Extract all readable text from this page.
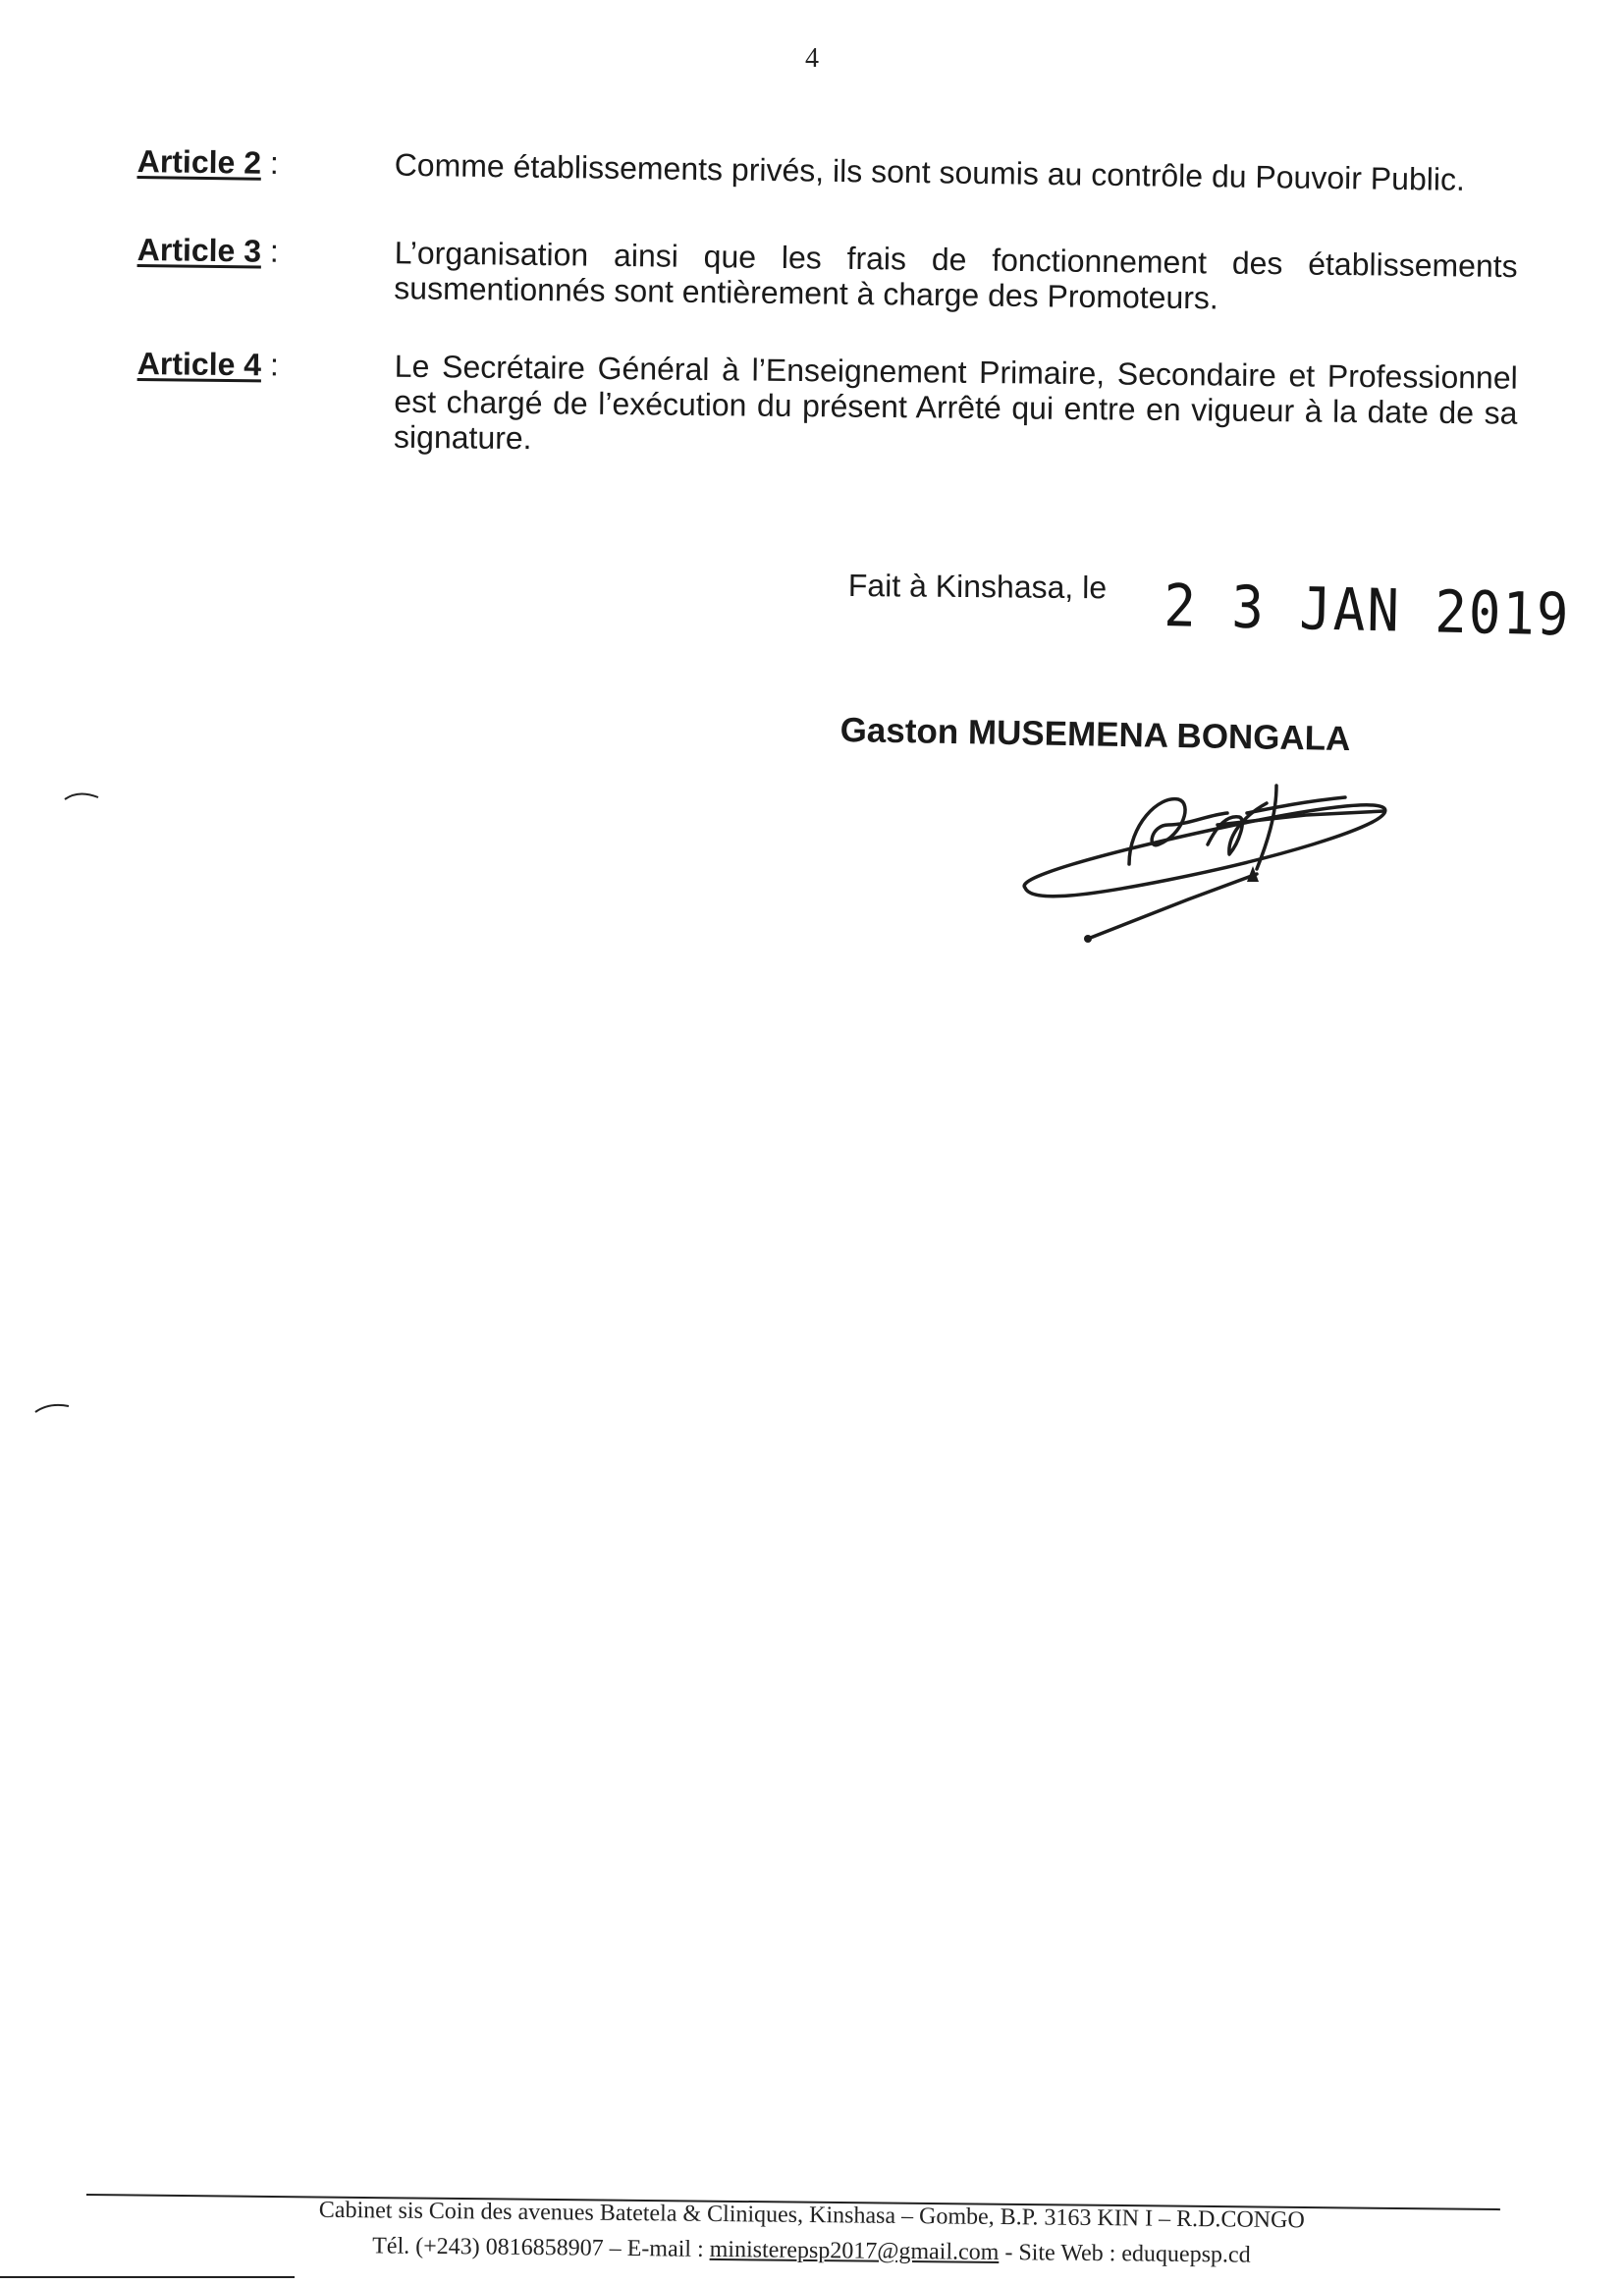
4
Article 2 :	Comme établissements privés, ils sont soumis au contrôle du Pouvoir Public.
Article 3 :	L’organisation ainsi que les frais de fonctionnement des établissements susmentionnés sont entièrement à charge des Promoteurs.
Article 4 :	Le Secrétaire Général à l’Enseignement Primaire, Secondaire et Professionnel est chargé de l’exécution du présent Arrêté qui entre en vigueur à la date de sa signature.
Fait à Kinshasa, le 2 3 JAN 2019
Gaston MUSEMENA BONGALA
Cabinet sis Coin des avenues Batetela & Cliniques, Kinshasa – Gombe, B.P. 3163 KIN I – R.D.CONGO
Tél. (+243) 0816858907 – E-mail : ministerepsp2017@gmail.com - Site Web : eduquepsp.cd
